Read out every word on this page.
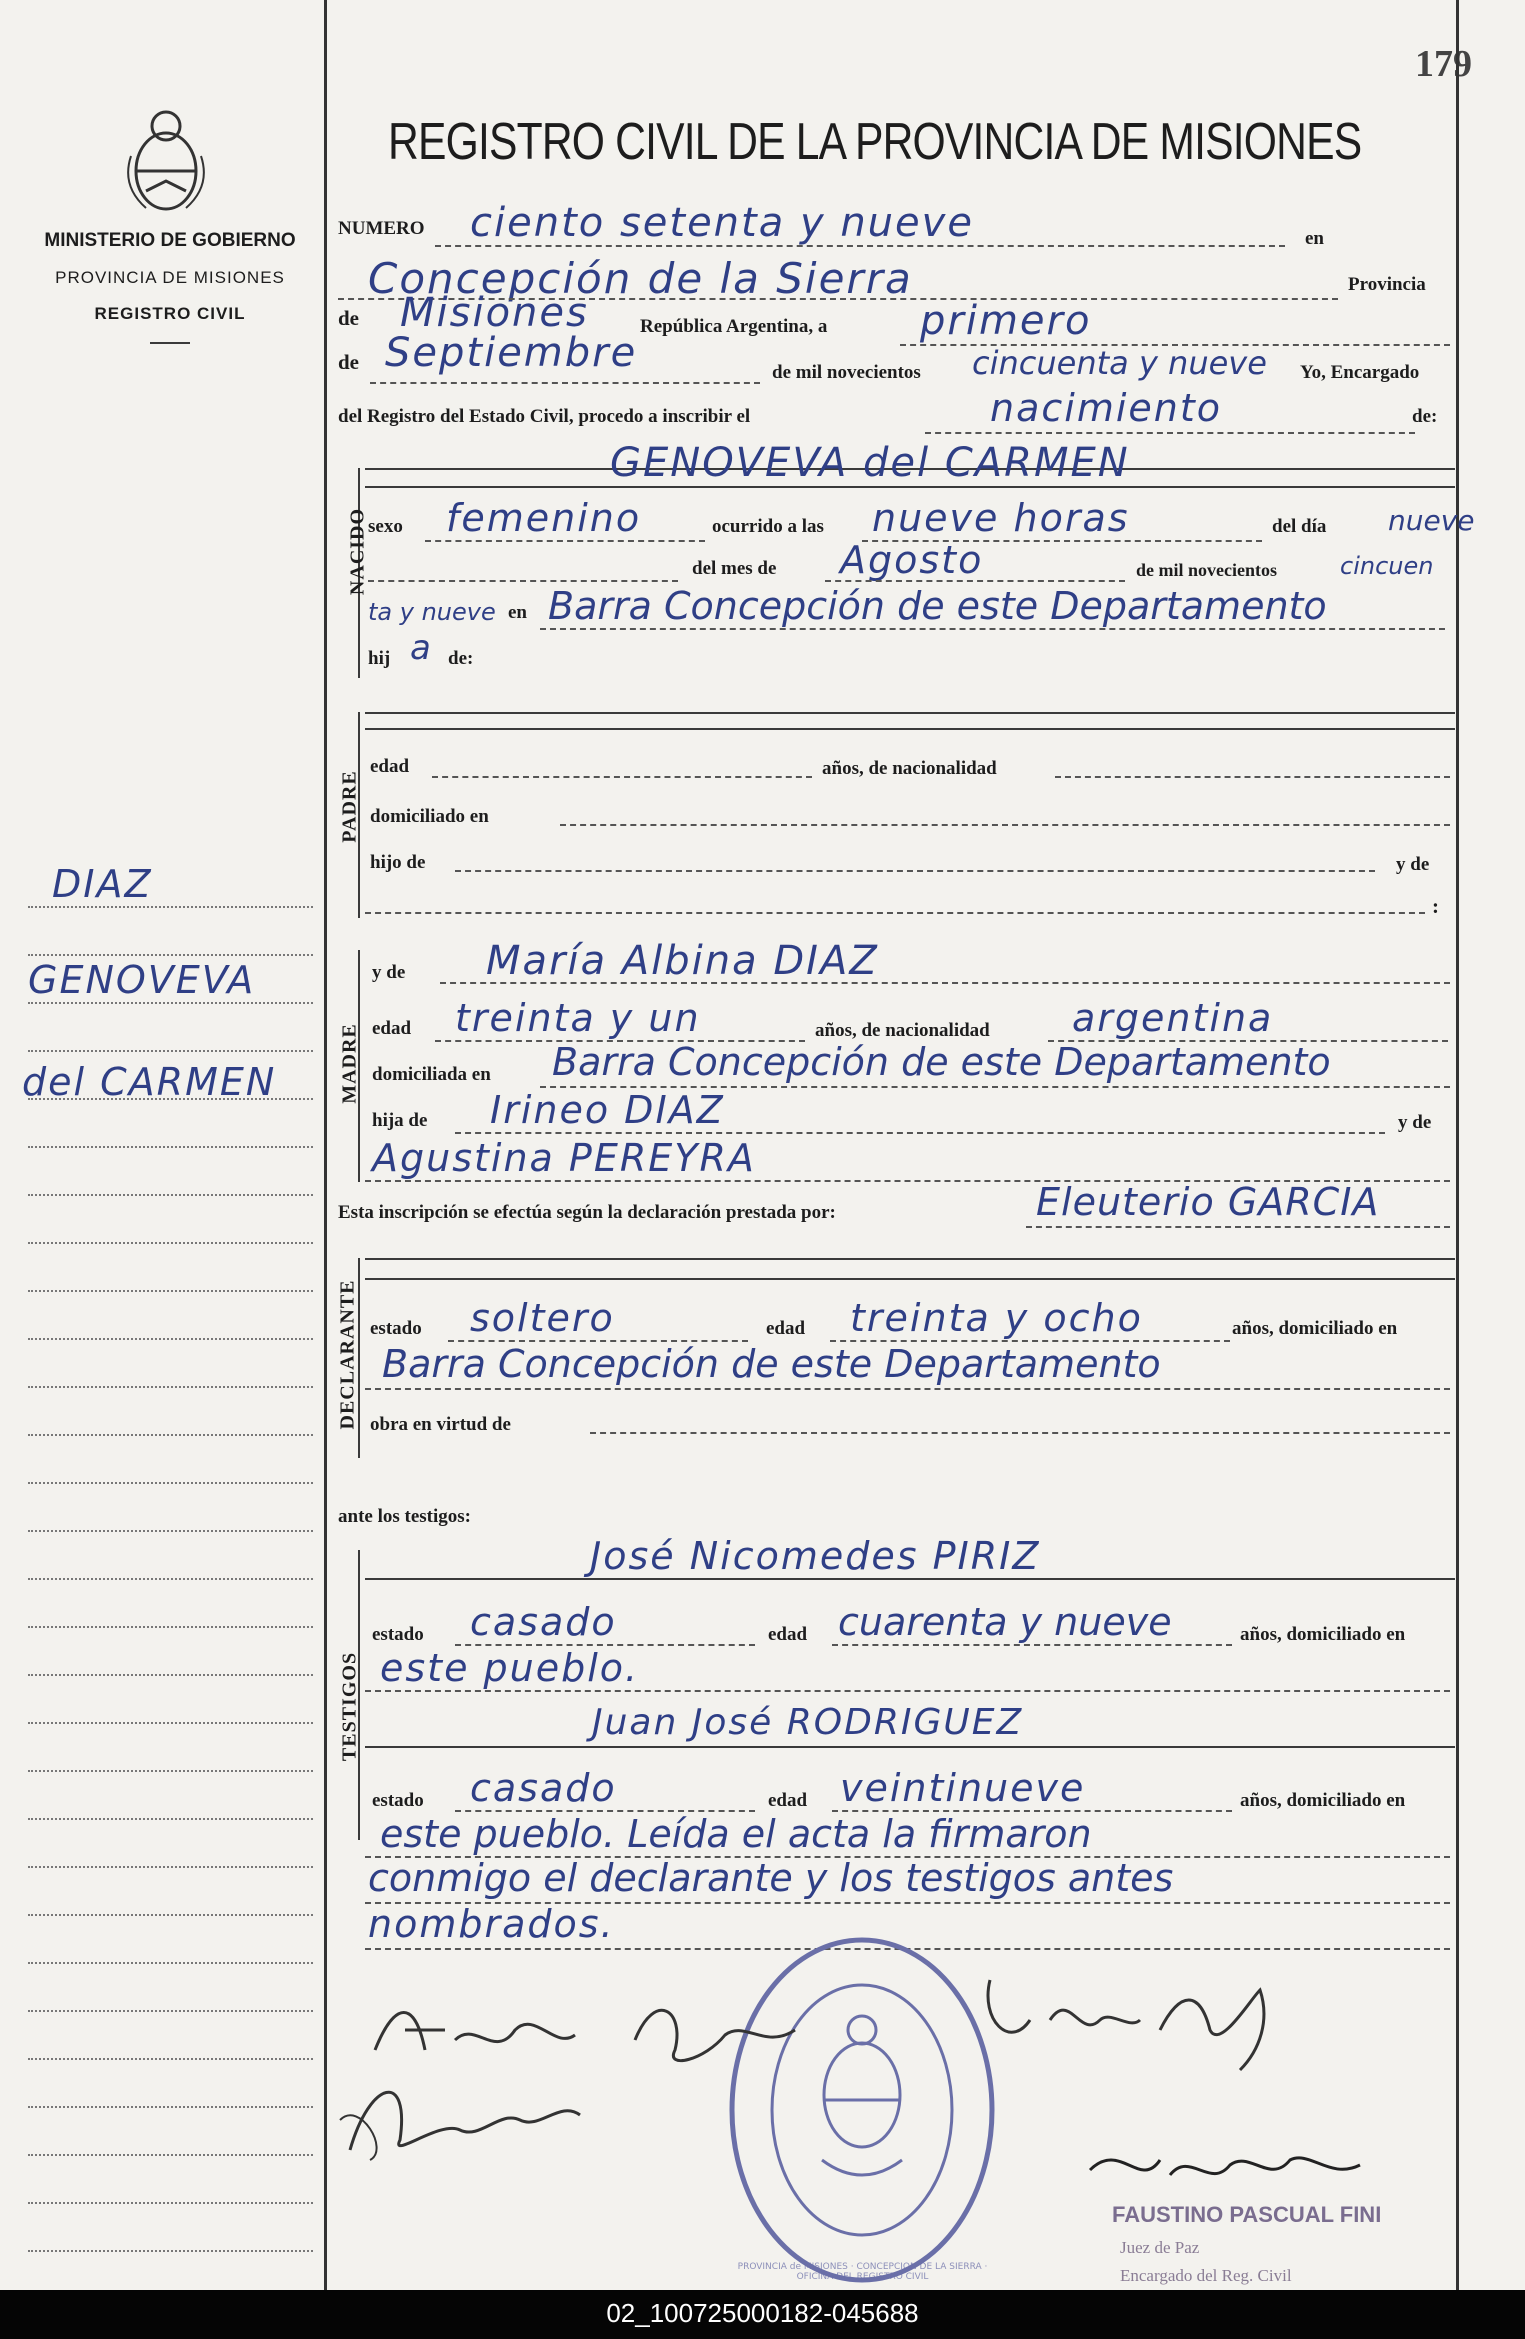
179
MINISTERIO DE GOBIERNO
PROVINCIA DE MISIONES
REGISTRO CIVIL
REGISTRO CIVIL DE LA PROVINCIA DE MISIONES
DIAZ
GENOVEVA
del CARMEN
NUMERO ciento setenta y nueve	en
Concepción de la Sierra	Provincia
de Misiones	República Argentina, a primero
de Septiembre	de mil novecientos cincuenta y nueve Yo, Encargado
del Registro del Estado Civil, procedo a inscribir el	nacimiento	de:
GENOVEVA del CARMEN
NACIDO sexo femenino	ocurrido a las nueve horas	del día nueve
del mes de Agosto	de mil novecientos	cincuen
ta y nueve en Barra Concepción de este Departamento
hij a de:
PADRE
edad	años, de nacionalidad
domiciliado en
hijo de	y de
:
MADRE
y de María Albina DIAZ
edad treinta y un	años, de nacionalidad argentina
domiciliada en Barra Concepción de este Departamento
hija de Irineo DIAZ	y de
Agustina PEREYRA
Esta inscripción se efectúa según la declaración prestada por:	Eleuterio GARCIA
DECLARANTE estado soltero	edad treinta y ocho	años, domiciliado en
Barra Concepción de este Departamento
obra en virtud de
ante los testigos:
TESTIGOS
José Nicomedes PIRIZ
estado casado	edad cuarenta y nueve	años, domiciliado en
este pueblo.
Juan José RODRIGUEZ
estado casado	edad veintinueve	años, domiciliado en
este pueblo. Leída el acta la firmaron
conmigo el declarante y los testigos antes
nombrados.
PROVINCIA de MISIONES · CONCEPCION DE LA SIERRA · OFICINA DEL REGISTRO CIVIL
FAUSTINO PASCUAL FINI
Juez de Paz
Encargado del Reg. Civil
02_100725000182-045688
